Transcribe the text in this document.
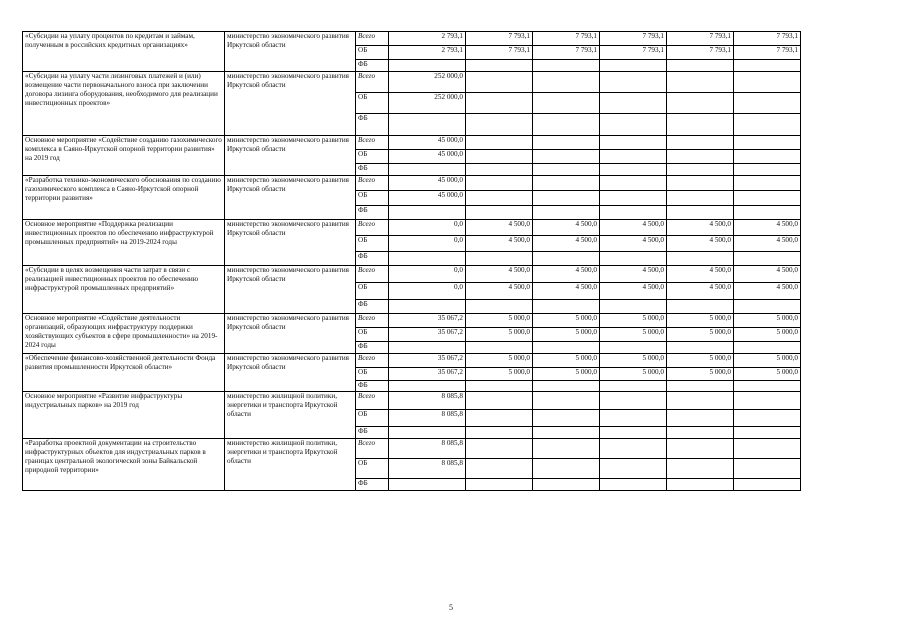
«Субсидии на уплату процентов по кредитам и займам, полученным в российских кредитных организациях»	министерство экономического развития Иркутской области	Всего	2 793,1	7 793,1	7 793,1	7 793,1	7 793,1	7 793,1
		ОБ	2 793,1	7 793,1	7 793,1	7 793,1	7 793,1	7 793,1
		ФБ						
«Субсидии на уплату части лизинговых платежей и (или) возмещение части первоначального взноса при заключении договора лизинга оборудования, необходимого для реализации инвестиционных проектов»	министерство экономического развития Иркутской области	Всего	252 000,0					
		ОБ	252 000,0					
		ФБ						
Основное мероприятие «Содействие созданию газохимического комплекса в Саяно-Иркутской опорной территории развития» на 2019 год	министерство экономического развития Иркутской области	Всего	45 000,0					
		ОБ	45 000,0					
		ФБ						
«Разработка технико-экономического обоснования по созданию газохимического комплекса в Саяно-Иркутской опорной территории развития»	министерство экономического развития Иркутской области	Всего	45 000,0					
		ОБ	45 000,0					
		ФБ						
Основное мероприятие «Поддержка реализации инвестиционных проектов по обеспечению инфраструктурой промышленных предприятий» на 2019-2024 годы	министерство экономического развития Иркутской области	Всего	0,0	4 500,0	4 500,0	4 500,0	4 500,0	4 500,0
		ОБ	0,0	4 500,0	4 500,0	4 500,0	4 500,0	4 500,0
		ФБ						
«Субсидии в целях возмещения части затрат в связи с реализацией инвестиционных проектов по обеспечению инфраструктурой промышленных предприятий»	министерство экономического развития Иркутской области	Всего	0,0	4 500,0	4 500,0	4 500,0	4 500,0	4 500,0
		ОБ	0,0	4 500,0	4 500,0	4 500,0	4 500,0	4 500,0
		ФБ						
Основное мероприятие «Содействие деятельности организаций, образующих инфраструктуру поддержки хозяйствующих субъектов в сфере промышленности» на 2019-2024 годы	министерство экономического развития Иркутской области	Всего	35 067,2	5 000,0	5 000,0	5 000,0	5 000,0	5 000,0
		ОБ	35 067,2	5 000,0	5 000,0	5 000,0	5 000,0	5 000,0
		ФБ						
«Обеспечение финансово-хозяйственной деятельности Фонда развития промышленности Иркутской области»	министерство экономического развития Иркутской области	Всего	35 067,2	5 000,0	5 000,0	5 000,0	5 000,0	5 000,0
		ОБ	35 067,2	5 000,0	5 000,0	5 000,0	5 000,0	5 000,0
		ФБ						
Основное мероприятие «Развитие инфраструктуры индустриальных парков» на 2019 год	министерство жилищной политики, энергетики и транспорта Иркутской области	Всего	8 085,8					
		ОБ	8 085,8					
		ФБ						
«Разработка проектной документации на строительство инфраструктурных объектов для индустриальных парков в границах центральной экологической зоны Байкальской природной территории»	министерство жилищной политики, энергетики и транспорта Иркутской области	Всего	8 085,8					
		ОБ	8 085,8					
		ФБ						
5
